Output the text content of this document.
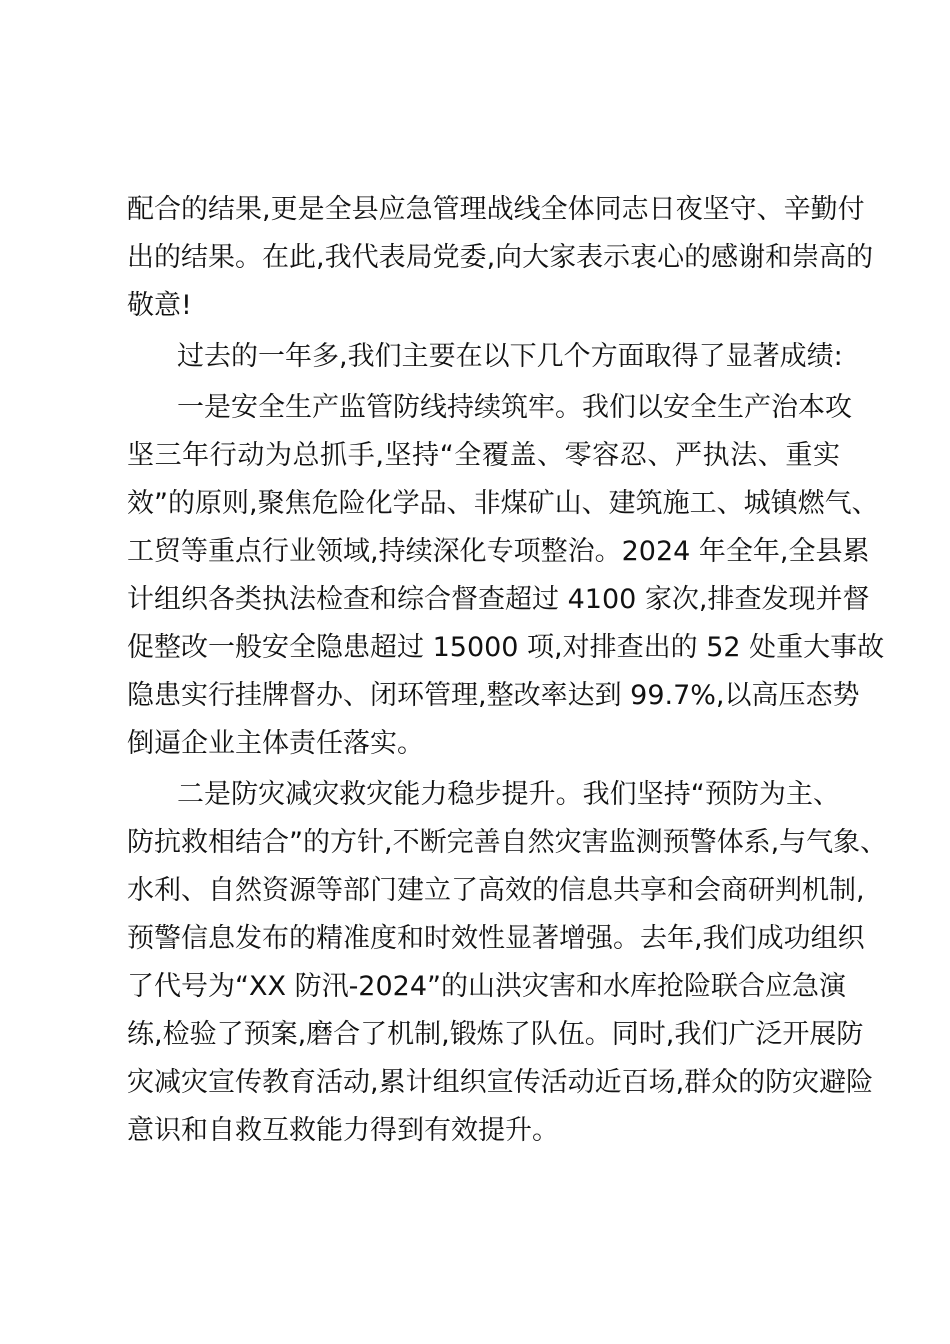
配合的结果,更是全县应急管理战线全体同志日夜坚守、辛勤付
出的结果。在此,我代表局党委,向大家表示衷心的感谢和崇高的
敬意!
过去的一年多,我们主要在以下几个方面取得了显著成绩:
一是安全生产监管防线持续筑牢。我们以安全生产治本攻
坚三年行动为总抓手,坚持“全覆盖、零容忍、严执法、重实
效”的原则,聚焦危险化学品、非煤矿山、建筑施工、城镇燃气、
工贸等重点行业领域,持续深化专项整治。2024 年全年,全县累
计组织各类执法检查和综合督查超过 4100 家次,排查发现并督
促整改一般安全隐患超过 15000 项,对排查出的 52 处重大事故
隐患实行挂牌督办、闭环管理,整改率达到 99.7%,以高压态势
倒逼企业主体责任落实。
二是防灾减灾救灾能力稳步提升。我们坚持“预防为主、
防抗救相结合”的方针,不断完善自然灾害监测预警体系,与气象、
水利、自然资源等部门建立了高效的信息共享和会商研判机制,
预警信息发布的精准度和时效性显著增强。去年,我们成功组织
了代号为“XX 防汛-2024”的山洪灾害和水库抢险联合应急演
练,检验了预案,磨合了机制,锻炼了队伍。同时,我们广泛开展防
灾减灾宣传教育活动,累计组织宣传活动近百场,群众的防灾避险
意识和自救互救能力得到有效提升。
